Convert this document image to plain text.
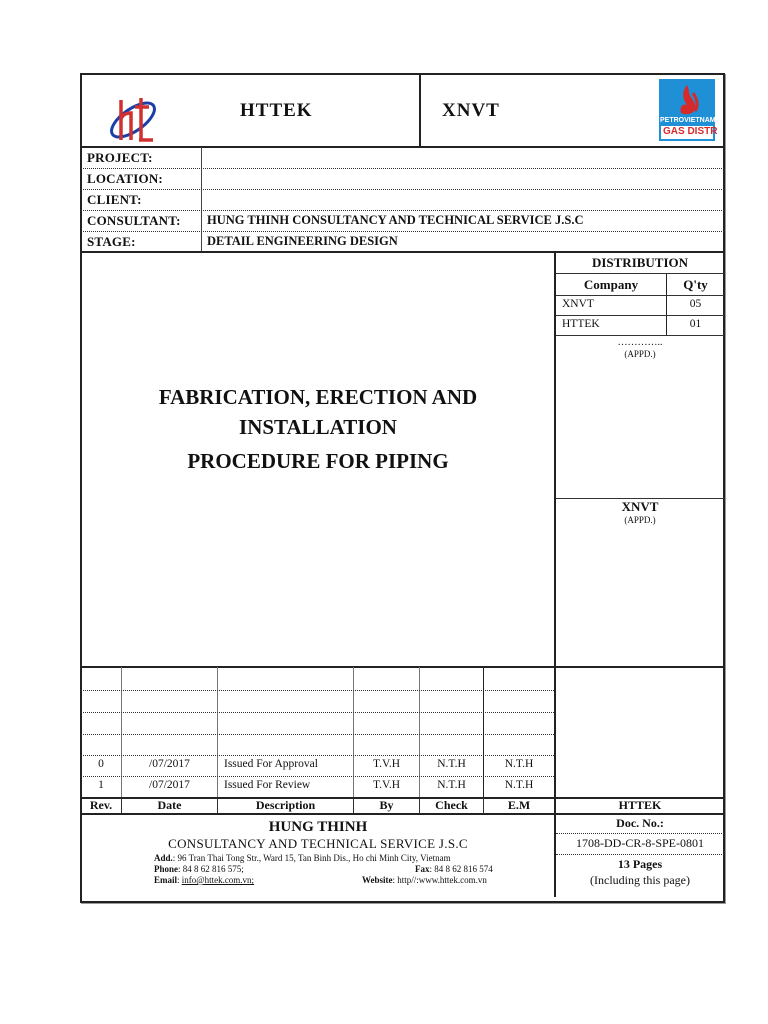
HTTEK	XNVT	PETROVIETNAM
GAS DISTR
PROJECT:
LOCATION:
CLIENT:
CONSULTANT: HUNG THINH CONSULTANCY AND TECHNICAL SERVICE J.S.C
STAGE:	DETAIL ENGINEERING DESIGN
FABRICATION, ERECTION AND
INSTALLATION
PROCEDURE FOR PIPING
DISTRIBUTION
Company	Q'ty
XNVT	05
HTTEK	01
…………..
(APPD.)
XNVT
(APPD.)
0	/07/2017	Issued For Approval	T.V.H	N.T.H	N.T.H
1	/07/2017	Issued For Review	T.V.H	N.T.H	N.T.H
Rev.	Date	Description	By	Check	E.M	HTTEK
HUNG THINH
CONSULTANCY AND TECHNICAL SERVICE J.S.C
Add.: 96 Tran Thai Tong Str., Ward 15, Tan Binh Dis., Ho chi Minh City, Vietnam
Phone: 84 8 62 816 575;	Fax: 84 8 62 816 574
Email: info@httek.com.vn;	Website: http//:www.httek.com.vn
Doc. No.:
1708-DD-CR-8-SPE-0801
13 Pages
(Including this page)
